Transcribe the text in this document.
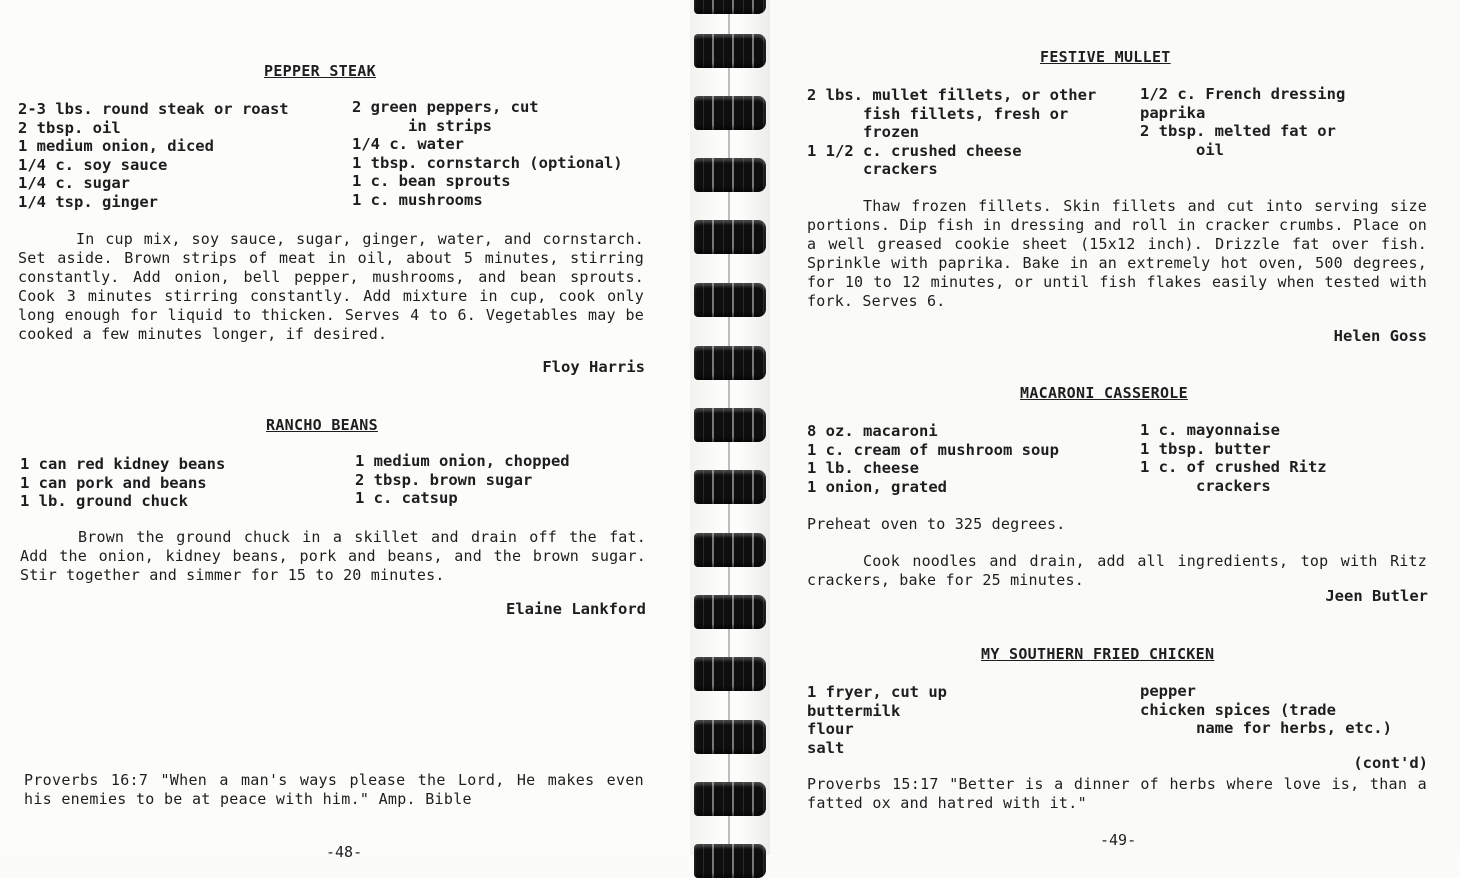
PEPPER STEAK
2-3 lbs. round steak or roast
2 tbsp. oil
1 medium onion, diced
1/4 c. soy sauce
1/4 c. sugar
1/4 tsp. ginger
2 green peppers, cut
in strips
1/4 c. water
1 tbsp. cornstarch (optional)
1 c. bean sprouts
1 c. mushrooms
In cup mix, soy sauce, sugar, ginger, water, and cornstarch. Set aside. Brown strips of meat in oil, about 5 minutes, stirring constantly. Add onion, bell pepper, mushrooms, and bean sprouts. Cook 3 minutes stirring constantly. Add mixture in cup, cook only long enough for liquid to thicken. Serves 4 to 6. Vegetables may be cooked a few minutes longer, if desired.
Floy Harris
RANCHO BEANS
1 can red kidney beans
1 can pork and beans
1 lb. ground chuck
1 medium onion, chopped
2 tbsp. brown sugar
1 c. catsup
Brown the ground chuck in a skillet and drain off the fat. Add the onion, kidney beans, pork and beans, and the brown sugar. Stir together and simmer for 15 to 20 minutes.
Elaine Lankford
Proverbs 16:7 "When a man's ways please the Lord, He makes even his enemies to be at peace with him." Amp. Bible
-48-
FESTIVE MULLET
2 lbs. mullet fillets, or other
fish fillets, fresh or
frozen
1 1/2 c. crushed cheese
crackers
1/2 c. French dressing
paprika
2 tbsp. melted fat or
oil
Thaw frozen fillets. Skin fillets and cut into serving size portions. Dip fish in dressing and roll in cracker crumbs. Place on a well greased cookie sheet (15x12 inch). Drizzle fat over fish. Sprinkle with paprika. Bake in an extremely hot oven, 500 degrees, for 10 to 12 minutes, or until fish flakes easily when tested with fork. Serves 6.
Helen Goss
MACARONI CASSEROLE
8 oz. macaroni
1 c. cream of mushroom soup
1 lb. cheese
1 onion, grated
1 c. mayonnaise
1 tbsp. butter
1 c. of crushed Ritz
crackers
Preheat oven to 325 degrees.
Cook noodles and drain, add all ingredients, top with Ritz crackers, bake for 25 minutes.
Jeen Butler
MY SOUTHERN FRIED CHICKEN
1 fryer, cut up
buttermilk
flour
salt
pepper
chicken spices (trade
name for herbs, etc.)
(cont'd)
Proverbs 15:17 "Better is a dinner of herbs where love is, than a fatted ox and hatred with it."
-49-
